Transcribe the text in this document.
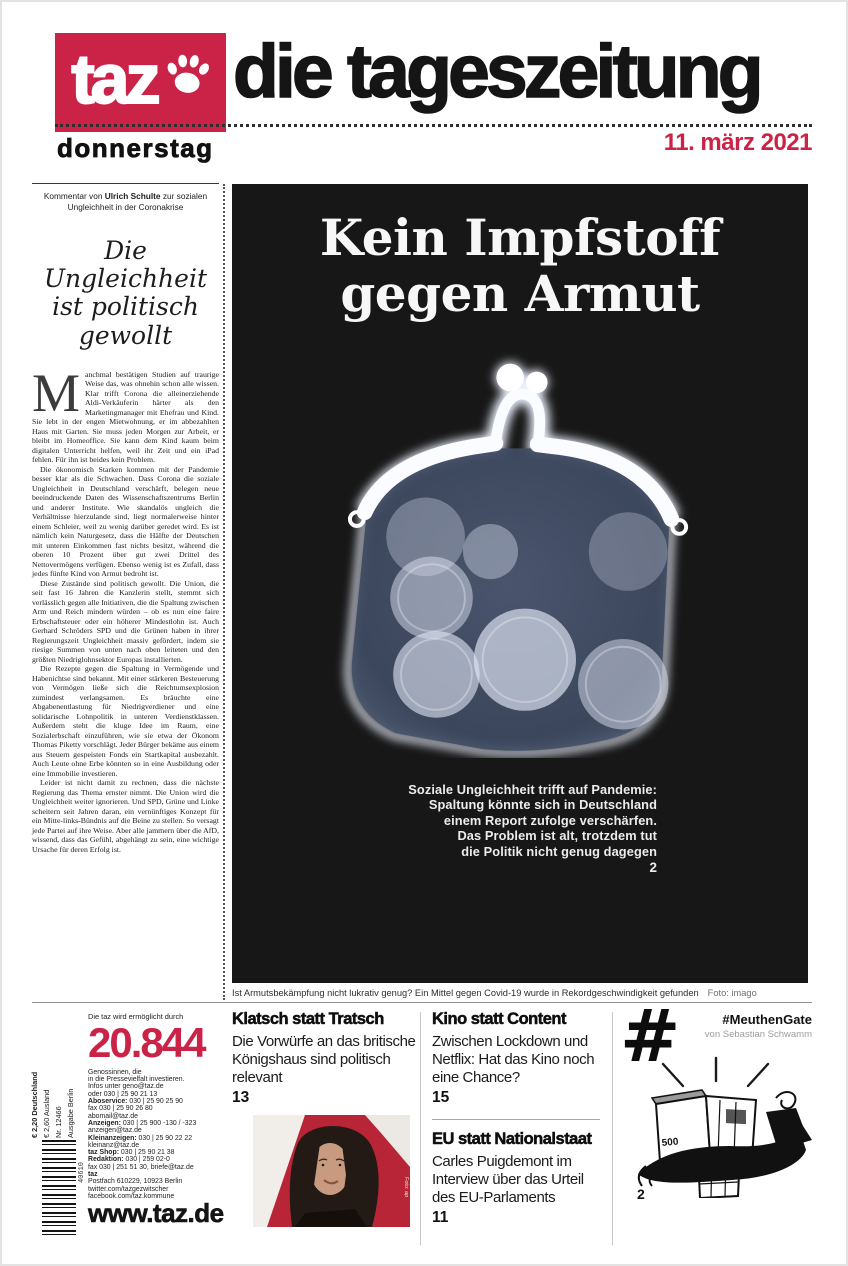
taz die tageszeitung
donnerstag	11. märz 2021
Kommentar von Ulrich Schulte zur sozialen Ungleichheit in der Coronakrise
Die Ungleichheit ist politisch gewollt

Manchmal bestätigen Studien auf traurige Weise das, was ohnehin schon alle wissen. Klar trifft Corona die alleinerziehende Aldi-Verkäuferin härter als den Marketingmanager mit Ehefrau und Kind. Sie lebt in der engen Mietwohnung, er im abbezahlten Haus mit Garten. Sie muss jeden Morgen zur Arbeit, er bleibt im Homeoffice. Sie kann dem Kind kaum beim digitalen Unterricht helfen, weil ihr Zeit und ein iPad fehlen. Für ihn ist beides kein Problem.

Die ökonomisch Starken kommen mit der Pandemie besser klar als die Schwachen. Dass Corona die soziale Ungleichheit in Deutschland verschärft, belegen neue beeindruckende Daten des Wissenschaftszentrums Berlin und anderer Institute. Wie skandalös ungleich die Verhältnisse hierzulande sind, liegt normalerweise hinter einem Schleier, weil zu wenig darüber geredet wird. Es ist nämlich kein Naturgesetz, dass die Hälfte der Deutschen mit unteren Einkommen fast nichts besitzt, während die oberen 10 Prozent über gut zwei Drittel des Nettovermögens verfügen. Ebenso wenig ist es Zufall, dass jedes fünfte Kind von Armut bedroht ist.

Diese Zustände sind politisch gewollt. Die Union, die seit fast 16 Jahren die Kanzlerin stellt, stemmt sich verlässlich gegen alle Initiativen, die die Spaltung zwischen Arm und Reich mindern würden – ob es nun eine faire Erbschaftsteuer oder ein höherer Mindestlohn ist. Auch Gerhard Schröders SPD und die Grünen haben in ihrer Regierungszeit Ungleichheit massiv gefördert, indem sie riesige Summen von unten nach oben leiteten und den größten Niedriglohnsektor Europas installierten.

Die Rezepte gegen die Spaltung in Vermögende und Habenichtse sind bekannt. Mit einer stärkeren Besteuerung von Vermögen ließe sich die Reichtumsexplosion zumindest verlangsamen. Es bräuchte eine Abgabenentlastung für Niedrigverdiener und eine solidarische Lohnpolitik in unteren Verdienstklassen. Außerdem steht die kluge Idee im Raum, eine Sozialerbschaft einzuführen, wie sie etwa der Ökonom Thomas Piketty vorschlägt. Jeder Bürger bekäme aus einem aus Steuern gespeisten Fonds ein Startkapital ausbezahlt. Auch Leute ohne Erbe könnten so in eine Ausbildung oder eine Immobilie investieren.

Leider ist nicht damit zu rechnen, dass die nächste Regierung das Thema ernster nimmt. Die Union wird die Ungleichheit weiter ignorieren. Und SPD, Grüne und Linke scheitern seit Jahren daran, ein vernünftiges Konzept für ein Mitte-links-Bündnis auf die Beine zu stellen. So versagt jede Partei auf ihre Weise. Aber alle jammern über die AfD, wissend, dass das Gefühl, abgehängt zu sein, eine wichtige Ursache für deren Erfolg ist.

Kein Impfstoff
gegen Armut
Soziale Ungleichheit trifft auf Pandemie:
Spaltung könnte sich in Deutschland
einem Report zufolge verschärfen.
Das Problem ist alt, trotzdem tut
die Politik nicht genug dagegen
2
Ist Armutsbekämpfung nicht lukrativ genug? Ein Mittel gegen Covid-19 wurde in Rekordgeschwindigkeit gefunden Foto: imago
€ 2,20 Deutschland € 2,60 Ausland Nr. 12466 Ausgabe Berlin
40610
Die taz wird ermöglicht durch
20.844
Genossinnen, die
in die Pressevielfalt investieren.
Infos unter geno@taz.de
oder 030 | 25 90 21 13
Aboservice: 030 | 25 90 25 90
fax 030 | 25 90 26 80
abomail@taz.de
Anzeigen: 030 | 25 900 -130 / -323
anzeigen@taz.de
Kleinanzeigen: 030 | 25 90 22 22
kleinanz@taz.de
taz Shop: 030 | 25 90 21 38
Redaktion: 030 | 259 02-0
fax 030 | 251 51 30, briefe@taz.de
taz
Postfach 610229, 10923 Berlin
twitter.com/tazgezwitscher
facebook.com/taz.kommune
www.taz.de
Klatsch statt Tratsch
Die Vorwürfe an das britische Königshaus sind politisch relevant
13
Foto: ap
Kino statt Content
Zwischen Lockdown und Netflix: Hat das Kino noch eine Chance?
15
EU statt Nationalstaat
Carles Puigdemont im Interview über das Urteil des EU-Parlaments
11
#	#MeuthenGate
von Sebastian Schwamm
500
2
